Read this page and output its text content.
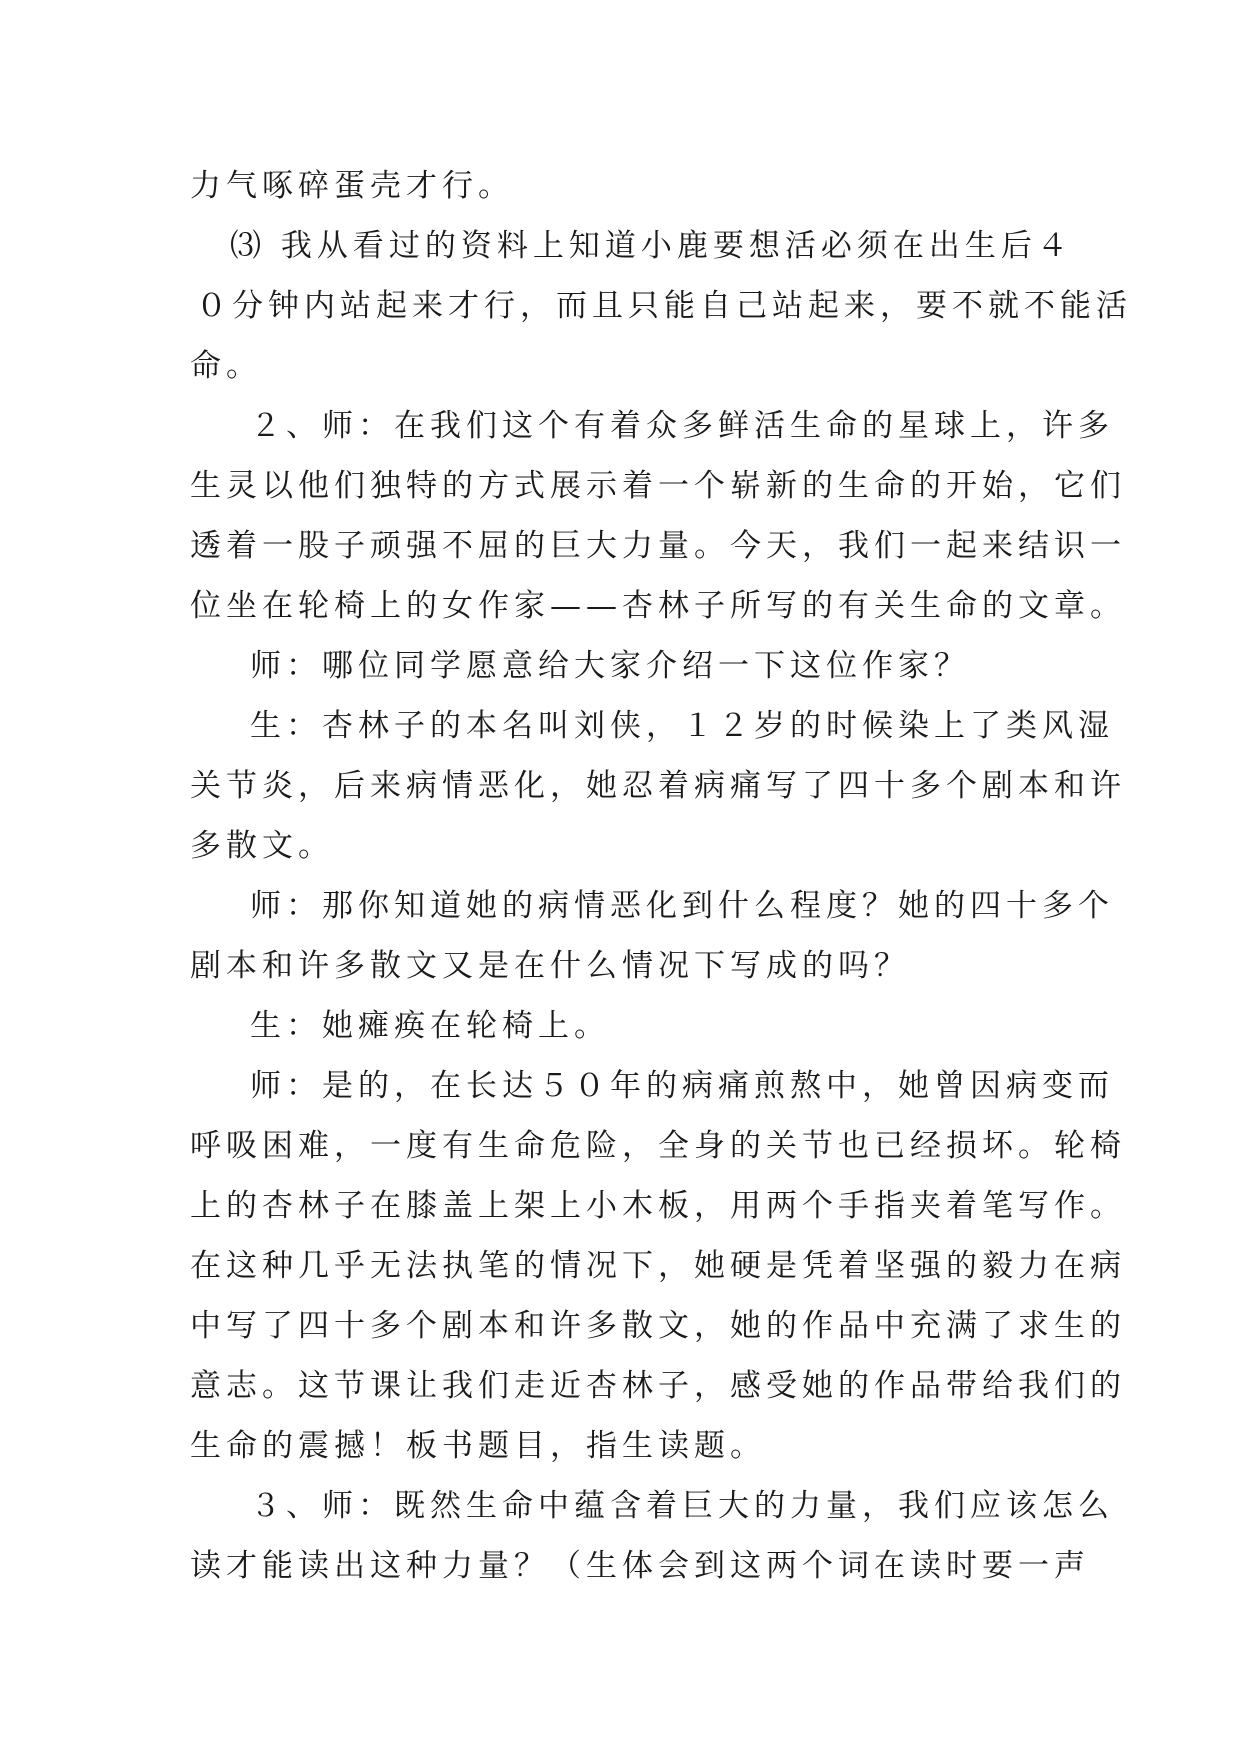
力气啄碎蛋壳才行。
⑶ 我从看过的资料上知道小鹿要想活必须在出生后４
０分钟内站起来才行，而且只能自己站起来，要不就不能活
命。
２、师：在我们这个有着众多鲜活生命的星球上，许多
生灵以他们独特的方式展示着一个崭新的生命的开始，它们
透着一股子顽强不屈的巨大力量。今天，我们一起来结识一
位坐在轮椅上的女作家——杏林子所写的有关生命的文章。
师：哪位同学愿意给大家介绍一下这位作家？
生：杏林子的本名叫刘侠，１２岁的时候染上了类风湿
关节炎，后来病情恶化，她忍着病痛写了四十多个剧本和许
多散文。
师：那你知道她的病情恶化到什么程度？她的四十多个
剧本和许多散文又是在什么情况下写成的吗？
生：她瘫痪在轮椅上。
师：是的，在长达５０年的病痛煎熬中，她曾因病变而
呼吸困难，一度有生命危险，全身的关节也已经损坏。轮椅
上的杏林子在膝盖上架上小木板，用两个手指夹着笔写作。
在这种几乎无法执笔的情况下，她硬是凭着坚强的毅力在病
中写了四十多个剧本和许多散文，她的作品中充满了求生的
意志。这节课让我们走近杏林子，感受她的作品带给我们的
生命的震撼！板书题目，指生读题。
３、师：既然生命中蕴含着巨大的力量，我们应该怎么
读才能读出这种力量？（生体会到这两个词在读时要一声
